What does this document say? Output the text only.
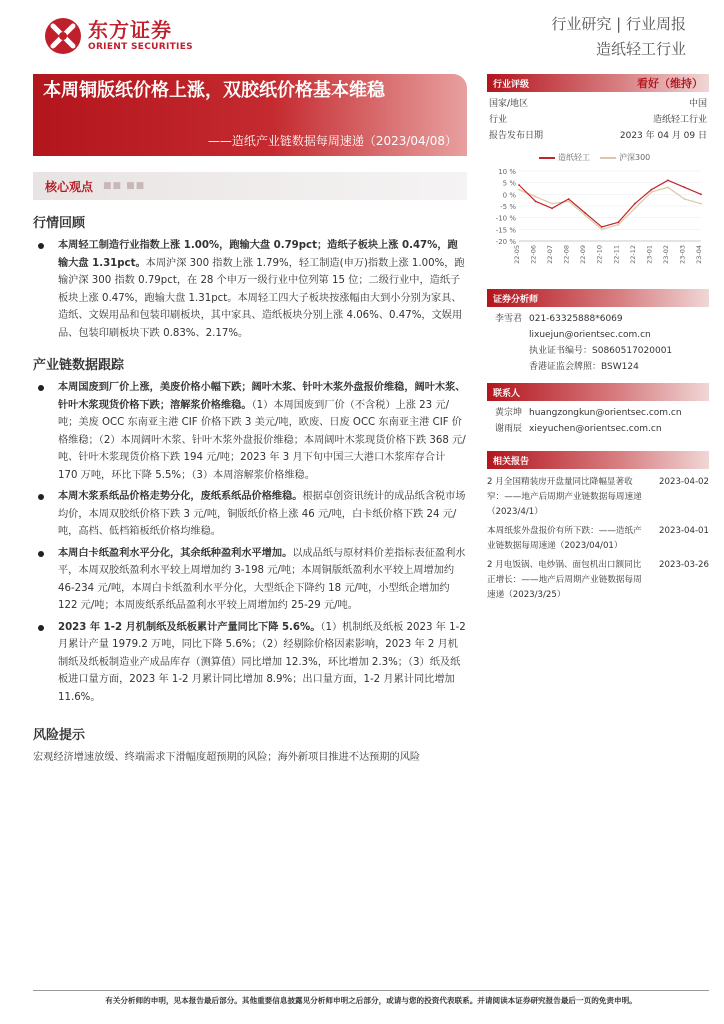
东方证券
ORIENT SECURITIES
行业研究 | 行业周报
造纸轻工行业
本周铜版纸价格上涨，双胶纸价格基本维稳
——造纸产业链数据每周速递（2023/04/08）
核心观点 ■■ ■■
行情回顾
本周轻工制造行业指数上涨 1.00%，跑输大盘 0.79pct；造纸子板块上涨 0.47%，跑输大盘 1.31pct。本周沪深 300 指数上涨 1.79%，轻工制造(申万)指数上涨 1.00%，跑输沪深 300 指数 0.79pct，在 28 个申万一级行业中位列第 15 位；二级行业中，造纸子板块上涨 0.47%，跑输大盘 1.31pct。本周轻工四大子板块按涨幅由大到小分别为家具、造纸、文娱用品和包装印刷板块，其中家具、造纸板块分别上涨 4.06%、0.47%，文娱用品、包装印刷板块下跌 0.83%、2.17%。
产业链数据跟踪
本周国废到厂价上涨，美废价格小幅下跌；阔叶木浆、针叶木浆外盘报价维稳，阔叶木浆、针叶木浆现货价格下跌；溶解浆价格维稳。（1）本周国废到厂价（不含税）上涨 23 元/吨；美废 OCC 东南亚主港 CIF 价格下跌 3 美元/吨，欧废、日废 OCC 东南亚主港 CIF 价格维稳；（2）本周阔叶木浆、针叶木浆外盘报价维稳；本周阔叶木浆现货价格下跌 368 元/吨、针叶木浆现货价格下跌 194 元/吨；2023 年 3 月下旬中国三大港口木浆库存合计 170 万吨，环比下降 5.5%；（3）本周溶解浆价格维稳。
本周木浆系纸品价格走势分化，废纸系纸品价格维稳。根据卓创资讯统计的成品纸含税市场均价，本周双胶纸价格下跌 3 元/吨，铜版纸价格上涨 46 元/吨，白卡纸价格下跌 24 元/吨，高档、低档箱板纸价格均维稳。
本周白卡纸盈利水平分化，其余纸种盈利水平增加。以成品纸与原材料价差指标表征盈利水平，本周双胶纸盈利水平较上周增加约 3-198 元/吨；本周铜版纸盈利水平较上周增加约 46-234 元/吨，本周白卡纸盈利水平分化，大型纸企下降约 18 元/吨，小型纸企增加约 122 元/吨；本周废纸系纸品盈利水平较上周增加约 25-29 元/吨。
2023 年 1-2 月机制纸及纸板累计产量同比下降 5.6%。（1）机制纸及纸板 2023 年 1-2 月累计产量 1979.2 万吨，同比下降 5.6%；（2）经剔除价格因素影响，2023 年 2 月机制纸及纸板制造业产成品库存（测算值）同比增加 12.3%，环比增加 2.3%；（3）纸及纸板进口量方面，2023 年 1-2 月累计同比增加 8.9%；出口量方面，1-2 月累计同比增加 11.6%。
风险提示
宏观经济增速放缓、终端需求下滑幅度超预期的风险；海外新项目推进不达预期的风险
行业评级	看好（维持）
国家/地区	中国
行业	造纸轻工行业
报告发布日期	2023 年 04 月 09 日
造纸轻工	沪深300
10 %
5 %
0 %
-5 %
-10 %
-15 %
-20 %
22-05 22-06 22-07 22-08 22-09 22-10 22-11 22-12 23-01 23-02 23-03 23-04
证券分析师
李雪君 021-63325888*6069
lixuejun@orientsec.com.cn
执业证书编号：S0860517020001
香港证监会牌照：BSW124
联系人
黄宗坤 huangzongkun@orientsec.com.cn
谢雨辰 xieyuchen@orientsec.com.cn
相关报告
2 月全国精装房开盘量同比降幅显著收窄：——地产后周期产业链数据每周速递（2023/4/1）
2023-04-02
本周纸浆外盘报价有所下跌：——造纸产业链数据每周速递（2023/04/01）
2023-04-01
2 月电饭锅、电炒锅、面包机出口额同比正增长：——地产后周期产业链数据每周速递（2023/3/25）
2023-03-26
有关分析师的申明，见本报告最后部分。其他重要信息披露见分析师申明之后部分，或请与您的投资代表联系。并请阅读本证券研究报告最后一页的免责申明。
